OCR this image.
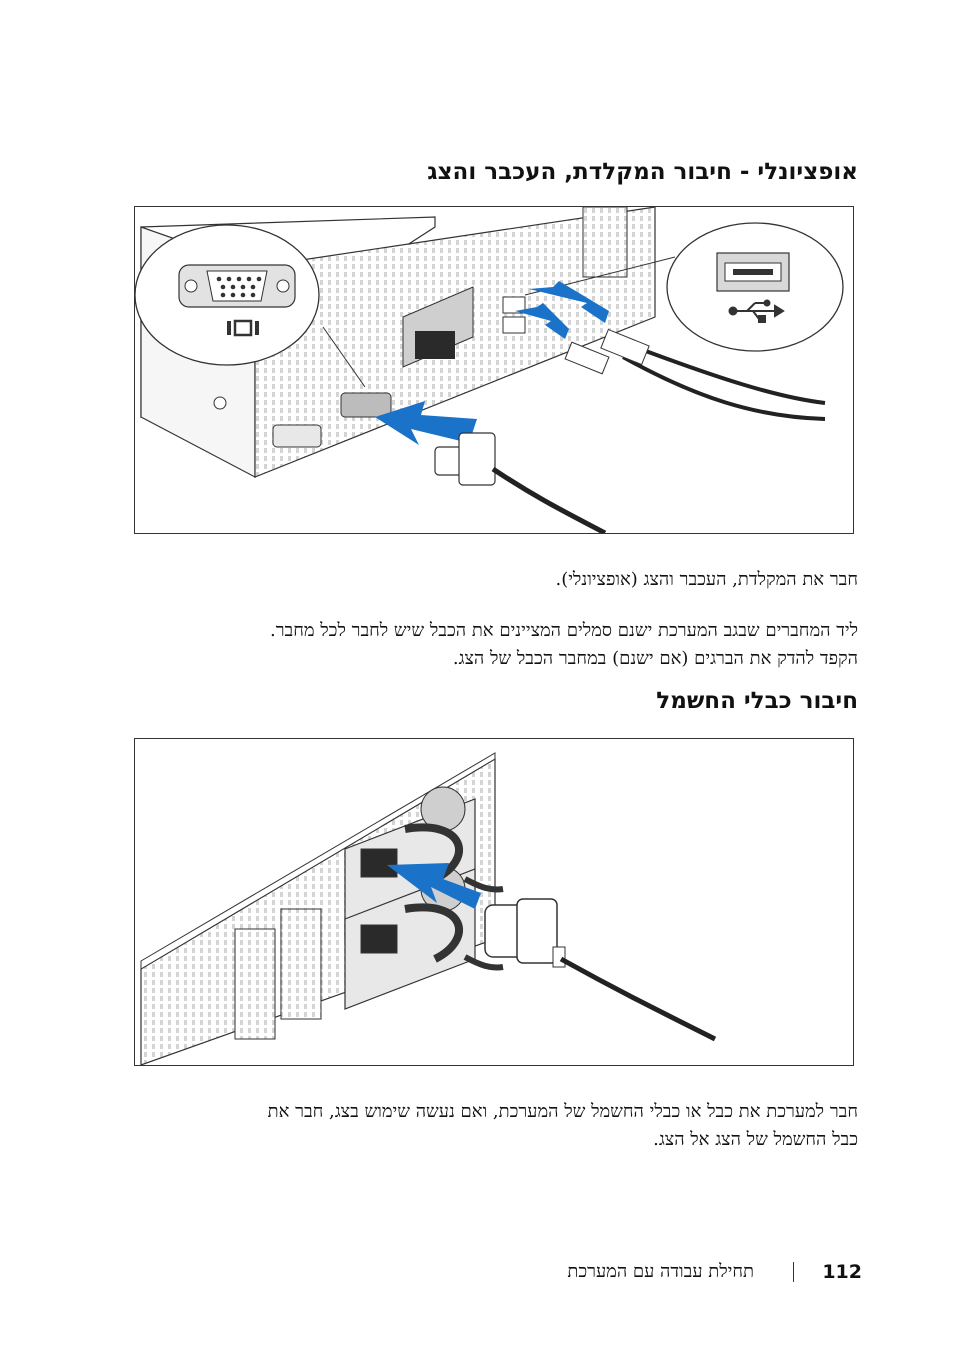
אופציונלי - חיבור המקלדת, העכבר והצג

חבר את המקלדת, העכבר והצג (אופציונלי).

ליד המחברים שבגב המערכת ישנם סמלים המציינים את הכבל שיש לחבר לכל מחבר.
הקפד להדק את הברגים (אם ישנם) במחבר הכבל של הצג.

חיבור כבלי החשמל

חבר למערכת את כבל או כבלי החשמל של המערכת, ואם נעשה שימוש בצג, חבר את
כבל החשמל של הצג אל הצג.

112
תחילת עבודה עם המערכת
